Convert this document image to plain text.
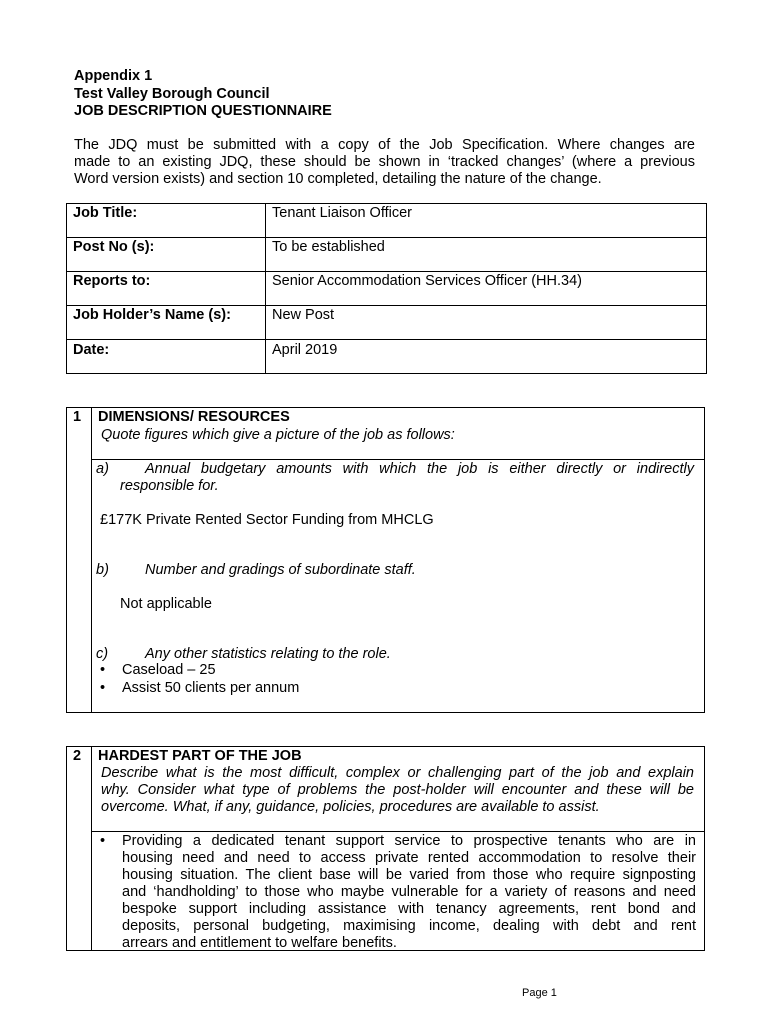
Appendix 1
Test Valley Borough Council
JOB DESCRIPTION QUESTIONNAIRE
The JDQ must be submitted with a copy of the Job Specification. Where changes are
made to an existing JDQ, these should be shown in ‘tracked changes’ (where a previous
Word version exists) and section 10 completed, detailing the nature of the change.
Job Title:	Tenant Liaison Officer
Post No (s):	To be established
Reports to:	Senior Accommodation Services Officer (HH.34)
Job Holder’s Name (s):	New Post
Date:	April 2019
1 DIMENSIONS/ RESOURCES
Quote figures which give a picture of the job as follows:
a) Annual budgetary amounts with which the job is either directly or indirectly
responsible for.
£177K Private Rented Sector Funding from MHCLG
b) Number and gradings of subordinate staff.
Not applicable
c)	Any other statistics relating to the role.
• Caseload – 25
• Assist 50 clients per annum
2 HARDEST PART OF THE JOB
Describe what is the most difficult, complex or challenging part of the job and explain
why. Consider what type of problems the post-holder will encounter and these will be
overcome. What, if any, guidance, policies, procedures are available to assist.
• Providing a dedicated tenant support service to prospective tenants who are in
housing need and need to access private rented accommodation to resolve their
housing situation. The client base will be varied from those who require signposting
and ‘handholding’ to those who maybe vulnerable for a variety of reasons and need
bespoke support including assistance with tenancy agreements, rent bond and
deposits, personal budgeting, maximising income, dealing with debt and rent
arrears and entitlement to welfare benefits.
Page 1
